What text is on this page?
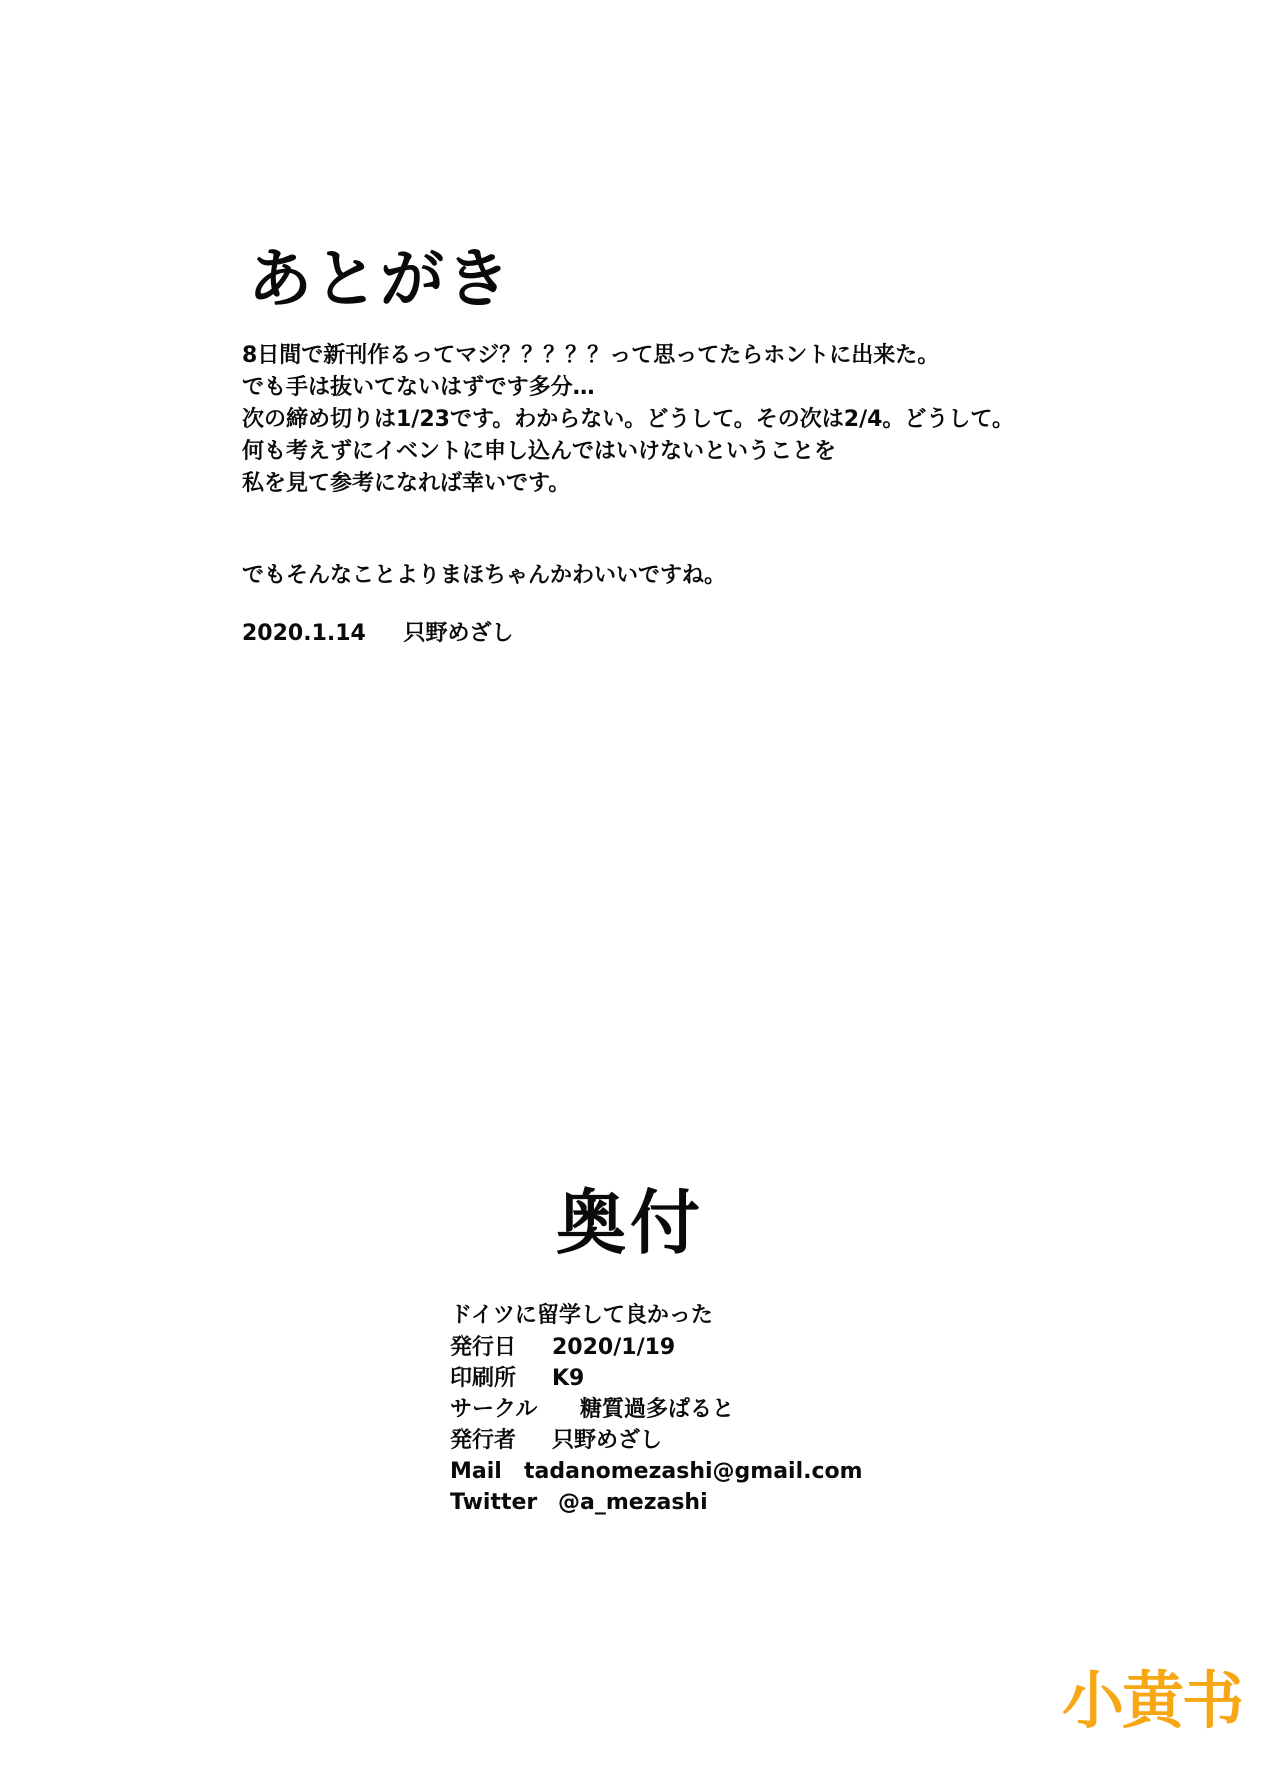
あとがき
8日間で新刊作るってマジ？？？？？って思ってたらホントに出来た。
でも手は抜いてないはずです多分…
次の締め切りは1/23です。わからない。どうして。その次は2/4。どうして。
何も考えずにイベントに申し込んではいけないということを
私を見て参考になれば幸いです。
でもそんなことよりまほちゃんかわいいですね。
2020.1.14 只野めざし
奥付
ドイツに留学して良かった
発行日 2020/1/19
印刷所 K9
サークル 糖質過多ぱると
発行者 只野めざし
Mail tadanomezashi@gmail.com
Twitter @a_mezashi
小黄书
